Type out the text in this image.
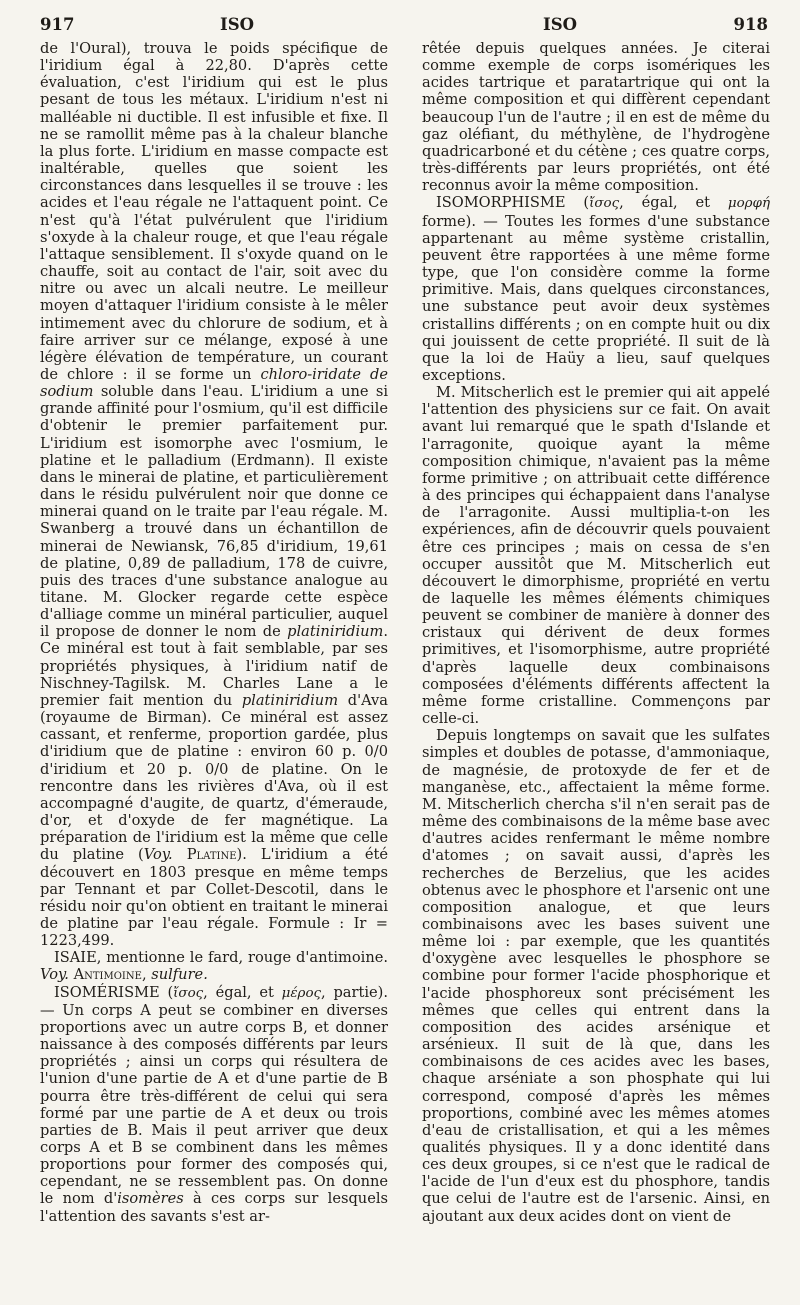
917	ISO	ISO	918

de l'Oural), trouva le poids spécifique de l'iridium égal à 22,80. D'après cette évaluation, c'est l'iridium qui est le plus pesant de tous les métaux. L'iridium n'est ni malléable ni ductible. Il est infusible et fixe. Il ne se ramollit même pas à la chaleur blanche la plus forte. L'iridium en masse compacte est inaltérable, quelles que soient les circonstances dans lesquelles il se trouve : les acides et l'eau régale ne l'attaquent point. Ce n'est qu'à l'état pulvérulent que l'iridium s'oxyde à la chaleur rouge, et que l'eau régale l'attaque sensiblement. Il s'oxyde quand on le chauffe, soit au contact de l'air, soit avec du nitre ou avec un alcali neutre. Le meilleur moyen d'attaquer l'iridium consiste à le mêler intimement avec du chlorure de sodium, et à faire arriver sur ce mélange, exposé à une légère élévation de température, un courant de chlore : il se forme un chloro-iridate de sodium soluble dans l'eau. L'iridium a une si grande affinité pour l'osmium, qu'il est difficile d'obtenir le premier parfaitement pur. L'iridium est isomorphe avec l'osmium, le platine et le palladium (Erdmann). Il existe dans le minerai de platine, et particulièrement dans le résidu pulvérulent noir que donne ce minerai quand on le traite par l'eau régale. M. Swanberg a trouvé dans un échantillon de minerai de Newiansk, 76,85 d'iridium, 19,61 de platine, 0,89 de palladium, 178 de cuivre, puis des traces d'une substance analogue au titane. M. Glocker regarde cette espèce d'alliage comme un minéral particulier, auquel il propose de donner le nom de platiniridium. Ce minéral est tout à fait semblable, par ses propriétés physiques, à l'iridium natif de Nischney-Tagilsk. M. Charles Lane a le premier fait mention du platiniridium d'Ava (royaume de Birman). Ce minéral est assez cassant, et renferme, proportion gardée, plus d'iridium que de platine : environ 60 p. 0/0 d'iridium et 20 p. 0/0 de platine. On le rencontre dans les rivières d'Ava, où il est accompagné d'augite, de quartz, d'émeraude, d'or, et d'oxyde de fer magnétique. La préparation de l'iridium est la même que celle du platine (Voy. Platine). L'iridium a été découvert en 1803 presque en même temps par Tennant et par Collet-Descotil, dans le résidu noir qu'on obtient en traitant le minerai de platine par l'eau régale. Formule : Ir = 1223,499.

ISAIE, mentionne le fard, rouge d'antimoine. Voy. Antimoine, sulfure.

ISOMÉRISME (ἴσος, égal, et μέρος, partie). — Un corps A peut se combiner en diverses proportions avec un autre corps B, et donner naissance à des composés différents par leurs propriétés ; ainsi un corps qui résultera de l'union d'une partie de A et d'une partie de B pourra être très-différent de celui qui sera formé par une partie de A et deux ou trois parties de B. Mais il peut arriver que deux corps A et B se combinent dans les mêmes proportions pour former des composés qui, cependant, ne se ressemblent pas. On donne le nom d'isomères à ces corps sur lesquels l'attention des savants s'est ar-

rêtée depuis quelques années. Je citerai comme exemple de corps isomériques les acides tartrique et paratartrique qui ont la même composition et qui diffèrent cependant beaucoup l'un de l'autre ; il en est de même du gaz oléfiant, du méthylène, de l'hydrogène quadricarboné et du cétène ; ces quatre corps, très-différents par leurs propriétés, ont été reconnus avoir la même composition.

ISOMORPHISME (ἴσος, égal, et μορφή forme). — Toutes les formes d'une substance appartenant au même système cristallin, peuvent être rapportées à une même forme type, que l'on considère comme la forme primitive. Mais, dans quelques circonstances, une substance peut avoir deux systèmes cristallins différents ; on en compte huit ou dix qui jouissent de cette propriété. Il suit de là que la loi de Haüy a lieu, sauf quelques exceptions.

M. Mitscherlich est le premier qui ait appelé l'attention des physiciens sur ce fait. On avait avant lui remarqué que le spath d'Islande et l'arragonite, quoique ayant la même composition chimique, n'avaient pas la même forme primitive ; on attribuait cette différence à des principes qui échappaient dans l'analyse de l'arragonite. Aussi multiplia-t-on les expériences, afin de découvrir quels pouvaient être ces principes ; mais on cessa de s'en occuper aussitôt que M. Mitscherlich eut découvert le dimorphisme, propriété en vertu de laquelle les mêmes éléments chimiques peuvent se combiner de manière à donner des cristaux qui dérivent de deux formes primitives, et l'isomorphisme, autre propriété d'après laquelle deux combinaisons composées d'éléments différents affectent la même forme cristalline. Commençons par celle-ci.

Depuis longtemps on savait que les sulfates simples et doubles de potasse, d'ammoniaque, de magnésie, de protoxyde de fer et de manganèse, etc., affectaient la même forme. M. Mitscherlich chercha s'il n'en serait pas de même des combinaisons de la même base avec d'autres acides renfermant le même nombre d'atomes ; on savait aussi, d'après les recherches de Berzelius, que les acides obtenus avec le phosphore et l'arsenic ont une composition analogue, et que leurs combinaisons avec les bases suivent une même loi : par exemple, que les quantités d'oxygène avec lesquelles le phosphore se combine pour former l'acide phosphorique et l'acide phosphoreux sont précisément les mêmes que celles qui entrent dans la composition des acides arsénique et arsénieux. Il suit de là que, dans les combinaisons de ces acides avec les bases, chaque arséniate a son phosphate qui lui correspond, composé d'après les mêmes proportions, combiné avec les mêmes atomes d'eau de cristallisation, et qui a les mêmes qualités physiques. Il y a donc identité dans ces deux groupes, si ce n'est que le radical de l'acide de l'un d'eux est du phosphore, tandis que celui de l'autre est de l'arsenic. Ainsi, en ajoutant aux deux acides dont on vient de
